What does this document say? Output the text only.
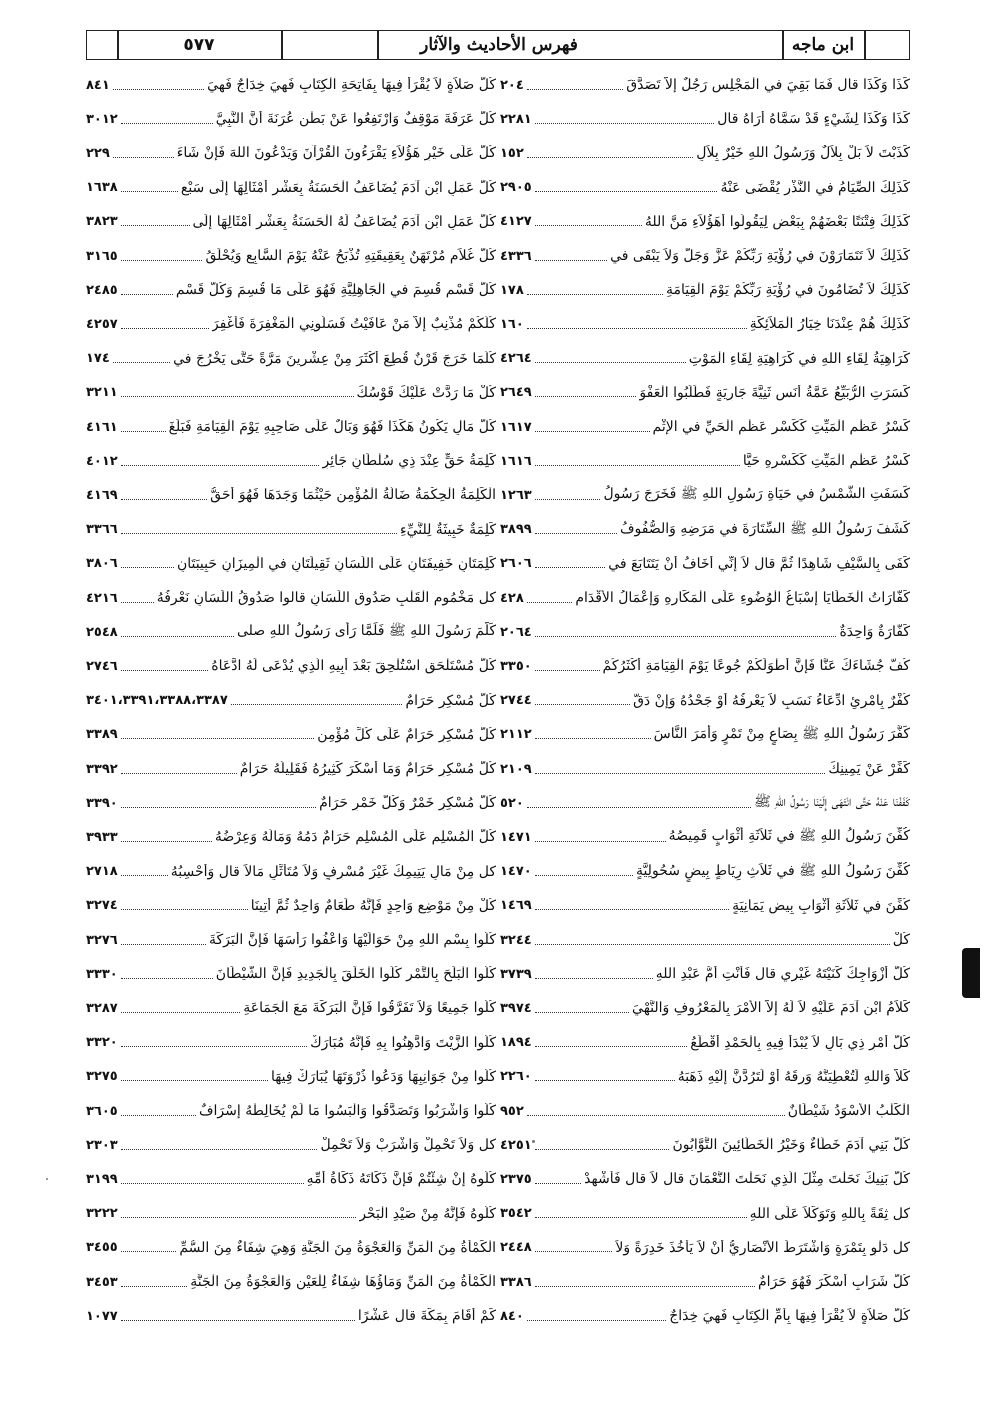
٥٧٧	فهرس الأحاديث والآثار	ابن ماجه
كَذَا وَكَذَا قال فَمَا بَقِيَ في الْمَجْلِسِ رَجُلٌ إِلاَّ تَصَدَّقَ
٢٠٤
كَذَا وَكَذَا لِشَيْءٍ قَدْ سَمَّاهُ أُرَاهُ قال
٢٢٨١
كَذَبْتَ لاَ بَلْ بِلاَلٌ وَرَسُولُ اللهِ خَيْرٌ بِلاَلٍ
١٥٢
كَذَلِكَ الصِّيَامُ في النَّذْرِ يُقْضَى عَنْهُ
٢٩٠٥
كَذَلِكَ فِتْنَتًا بَعْضَهُمْ بِبَعْضٍ لِيَقُولُوا أَهَؤُلاَءِ مَنَّ اللهُ
٤١٢٧
كَذَلِكَ لاَ تَتَمَارَوْنَ في رُؤْيَةِ رَبِّكُمْ عَزَّ وَجَلَّ وَلاَ يَبْقَى في
٤٣٣٦
كَذَلِكَ لاَ تُضَامُونَ في رُؤْيَةِ رَبِّكُمْ يَوْمَ الْقِيَامَةِ
١٧٨
كَذَلِكَ هُمْ عِنْدَنَا خِيَارُ الْمَلاَئِكَةِ
١٦٠
كَرَاهِيَةُ لِقَاءِ اللهِ في كَرَاهِيَةِ لِقَاءِ الْمَوْتِ
٤٢٦٤
كَسَرَتِ الرُّبَيِّعُ عَمَّةُ أَنَسٍ ثَنِيَّةَ جَارِيَةٍ فَطَلَبُوا الْعَفْوَ
٢٦٤٩
كَسْرُ عَظْمِ الْمَيِّتِ كَكَسْرِ عَظْمِ الْحَيِّ في الإِثْمِ
١٦١٧
كَسْرُ عَظْمِ الْمَيِّتِ كَكَسْرِهِ حَيًّا
١٦١٦
كَسَفَتِ الشَّمْسُ في حَيَاةِ رَسُولِ اللهِ ﷺ فَخَرَجَ رَسُولُ
١٢٦٣
كَشَفَ رَسُولُ اللهِ ﷺ السِّتَارَةَ في مَرَضِهِ وَالصُّفُوفُ
٣٨٩٩
كَفَى بِالسَّيْفِ شَاهِدًا ثُمَّ قال لاَ إِنِّي أَخَافُ أَنْ يَتَتَابَعَ في
٢٦٠٦
كَفَّارَاتُ الْخَطَايَا إِسْبَاغُ الْوُضُوءِ عَلَى الْمَكَارِهِ وَإِعْمَالُ الأَقْدَامِ
٤٢٨
كَفَّارَةٌ وَاحِدَةٌ
٢٠٦٤
كُفَّ جُشَاءَكَ عَنَّا فَإِنَّ أَطْوَلَكُمْ جُوعًا يَوْمَ الْقِيَامَةِ أَكْثَرُكُمْ
٣٣٥٠
كُفْرٌ بِامْرِئٍ ادِّعَاءُ نَسَبٍ لاَ يَعْرِفُهُ أَوْ جَحْدُهُ وَإِنْ دَقَّ
٢٧٤٤
كَفَّرَ رَسُولُ اللهِ ﷺ بِصَاعٍ مِنْ تَمْرٍ وَأَمَرَ النَّاسَ
٢١١٢
كَفِّرْ عَنْ يَمِينِكَ
٢١٠٩
كَفَفْنَا عَنْهُ حَتَّى انْتَهَى إِلَيْنَا رَسُولُ اللهِ ﷺ
٥٢٠
كُفِّنَ رَسُولُ اللهِ ﷺ في ثَلاَثَةِ أَثْوَابٍ قَمِيصُهُ
١٤٧١
كُفِّنَ رَسُولُ اللهِ ﷺ في ثَلاَثِ رِيَاطٍ بِيضٍ سُحُولِيَّةٍ
١٤٧٠
كُفِّنَ في ثَلاَثَةِ أَثْوَابٍ بِيضٍ يَمَانِيَةٍ
١٤٦٩
كُلْ
٣٢٤٤
كُلُّ أَزْوَاجِكَ كَنَيْتَهُ غَيْرِي قال فَأَنْتِ أُمُّ عَبْدِ اللهِ
٣٧٣٩
كَلاَمُ ابْنِ آدَمَ عَلَيْهِ لاَ لَهُ إِلاَّ الأَمْرَ بِالْمَعْرُوفِ وَالنَّهْيَ
٣٩٧٤
كُلُّ أَمْرٍ ذِي بَالٍ لاَ يُبْدَأُ فِيهِ بِالْحَمْدِ أَقْطَعُ
١٨٩٤
كَلاَّ وَاللهِ لَتُعْطِيَنَّهُ وَرِقَهُ أَوْ لَتَرُدَّنَّ إِلَيْهِ ذَهَبَهُ
٢٢٦٠
الْكَلْبُ الأَسْوَدُ شَيْطَانٌ
٩٥٢
كُلُّ بَنِي آدَمَ خَطَّاءٌ وَخَيْرُ الْخَطَّائِينَ التَّوَّابُونَ
٤٢٥١
كُلَّ بَنِيكَ نَحَلْتَ مِثْلَ الَّذِي نَحَلْتَ النُّعْمَانَ قال لاَ قال فَأَشْهِدْ
٢٣٧٥
كل ثِقَةً بِاللهِ وَتَوَكُّلاً عَلَى اللهِ
٣٥٤٢
كل دَلْوٍ بِتَمْرَةٍ وَاشْتَرَطَ الأَنْصَارِيُّ أَنْ لاَ يَأْخُذَ خَدِرَةً وَلاَ
٢٤٤٨
كُلُّ شَرَابٍ أَسْكَرَ فَهُوَ حَرَامٌ
٣٣٨٦
كُلُّ صَلاَةٍ لاَ يُقْرَأُ فِيهَا بِأُمِّ الْكِتَابِ فَهِيَ خِدَاجٌ
٨٤٠
كُلُّ صَلاَةٍ لاَ يُقْرَأُ فِيهَا بِفَاتِحَةِ الْكِتَابِ فَهِيَ خِدَاجٌ فَهِيَ
٨٤١
كُلُّ عَرَفَةَ مَوْقِفٌ وَارْتَفِعُوا عَنْ بَطْنِ عُرَنَةَ أَنَّ النَّبِيَّ
٣٠١٢
كُلٌّ عَلَى خَيْرٍ هَؤُلاَءِ يَقْرَءُونَ الْقُرْآنَ وَيَدْعُونَ اللهَ فَإِنْ شَاءَ
٢٢٩
كُلُّ عَمَلِ ابْنِ آدَمَ يُضَاعَفُ الْحَسَنَةُ بِعَشْرِ أَمْثَالِهَا إِلَى سَبْعِ
١٦٣٨
كُلُّ عَمَلِ ابْنِ آدَمَ يُضَاعَفُ لَهُ الْحَسَنَةُ بِعَشْرِ أَمْثَالِهَا إِلَى
٣٨٢٣
كُلُّ غُلاَمٍ مُرْتَهَنٌ بِعَقِيقَتِهِ تُذْبَحُ عَنْهُ يَوْمَ السَّابِعِ وَيُحْلَقُ
٣١٦٥
كُلُّ قَسْمٍ قُسِمَ في الْجَاهِلِيَّةِ فَهُوَ عَلَى مَا قُسِمَ وَكُلُّ قَسْمٍ
٢٤٨٥
كُلُّكُمْ مُذْنِبٌ إِلاَّ مَنْ عَافَيْتُ فَسَلُونِي الْمَغْفِرَةَ فَأَغْفِرَ
٤٢٥٧
كُلَّمَا خَرَجَ قَرْنٌ قُطِعَ أَكْثَرَ مِنْ عِشْرِينَ مَرَّةً حَتَّى يَخْرُجَ في
١٧٤
كُلْ مَا رَدَّتْ عَلَيْكَ قَوْسُكَ
٣٢١١
كُلُّ مَالٍ يَكُونُ هَكَذَا فَهُوَ وَبَالٌ عَلَى صَاحِبِهِ يَوْمَ الْقِيَامَةِ فَبَلَغَ
٤١٦١
كَلِمَةُ حَقٍّ عِنْدَ ذِي سُلْطَانٍ جَائِرٍ
٤٠١٢
الْكَلِمَةُ الْحِكْمَةُ ضَالَّةُ الْمُؤْمِنِ حَيْثُمَا وَجَدَهَا فَهُوَ أَحَقُّ
٤١٦٩
كَلِمَةٌ خَبِيثَةٌ لِلنَّيِّءِ
٣٣٦٦
كَلِمَتَانِ خَفِيفَتَانِ عَلَى اللِّسَانِ ثَقِيلَتَانِ في الْمِيزَانِ حَبِيبَتَانِ
٣٨٠٦
كل مَخْمُومِ الْقَلْبِ صَدُوقِ اللِّسَانِ قالوا صَدُوقُ اللِّسَانِ نَعْرِفُهُ
٤٢١٦
كَلَّمَ رَسُولَ اللهِ ﷺ فَلَمَّا رَأَى رَسُولُ اللهِ صلى
٢٥٤٨
كُلُّ مُسْتَلْحَقٍ اسْتُلْحِقَ بَعْدَ أَبِيهِ الَّذِي يُدْعَى لَهُ ادَّعَاهُ
٢٧٤٦
كُلُّ مُسْكِرٍ حَرَامٌ
٣٤٠١،٣٣٩١،٣٣٨٨،٣٣٨٧
كُلُّ مُسْكِرٍ حَرَامٌ عَلَى كُلِّ مُؤْمِنٍ
٣٣٨٩
كُلُّ مُسْكِرٍ حَرَامٌ وَمَا أَسْكَرَ كَثِيرُهُ فَقَلِيلُهُ حَرَامٌ
٣٣٩٢
كُلُّ مُسْكِرٍ خَمْرٌ وَكُلُّ خَمْرٍ حَرَامٌ
٣٣٩٠
كُلُّ الْمُسْلِمِ عَلَى الْمُسْلِمِ حَرَامٌ دَمُهُ وَمَالُهُ وَعِرْضُهُ
٣٩٣٣
كل مِنْ مَالِ يَتِيمِكَ غَيْرَ مُسْرِفٍ وَلاَ مُتَأَثِّلٍ مَالاً قال وَأَحْسِبُهُ
٢٧١٨
كُلْ مِنْ مَوْضِعٍ وَاحِدٍ فَإِنَّهُ طَعَامٌ وَاحِدٌ ثُمَّ أُتِينَا
٣٢٧٤
كُلُوا بِسْمِ اللهِ مِنْ حَوَالَيْهَا وَاعْفُوا رَأْسَهَا فَإِنَّ الْبَرَكَةَ
٣٢٧٦
كُلُوا الْبَلَحَ بِالتَّمْرِ كُلُوا الْخَلَقَ بِالْجَدِيدِ فَإِنَّ الشَّيْطَانَ
٣٣٣٠
كُلُوا جَمِيعًا وَلاَ تَفَرَّقُوا فَإِنَّ الْبَرَكَةَ مَعَ الْجَمَاعَةِ
٣٢٨٧
كُلُوا الزَّيْتَ وَادَّهِنُوا بِهِ فَإِنَّهُ مُبَارَكٌ
٣٣٢٠
كُلُوا مِنْ جَوَانِبِهَا وَدَعُوا ذُرْوَتَهَا يُبَارَكْ فِيهَا
٣٢٧٥
كُلُوا وَاشْرَبُوا وَتَصَدَّقُوا وَالْبَسُوا مَا لَمْ يُخَالِطْهُ إِسْرَافٌ
٣٦٠٥
كل وَلاَ تَحْمِلْ وَاشْرَبْ وَلاَ تَحْمِلْ
٢٣٠٣
كُلُوهُ إِنْ شِئْتُمْ فَإِنَّ ذَكَاتَهُ ذَكَاةُ أُمِّهِ
٣١٩٩
كُلُوهُ فَإِنَّهُ مِنْ صَيْدِ الْبَحْرِ
٣٢٢٢
الْكَمْأَةُ مِنَ الْمَنِّ وَالْعَجْوَةُ مِنَ الْجَنَّةِ وَهِيَ شِفَاءٌ مِنَ السُّمِّ
٣٤٥٥
الْكَمْأَةُ مِنَ الْمَنِّ وَمَاؤُهَا شِفَاءٌ لِلْعَيْنِ وَالْعَجْوَةُ مِنَ الْجَنَّةِ
٣٤٥٣
كَمْ أَقَامَ بِمَكَّةَ قال عَشْرًا
١٠٧٧
